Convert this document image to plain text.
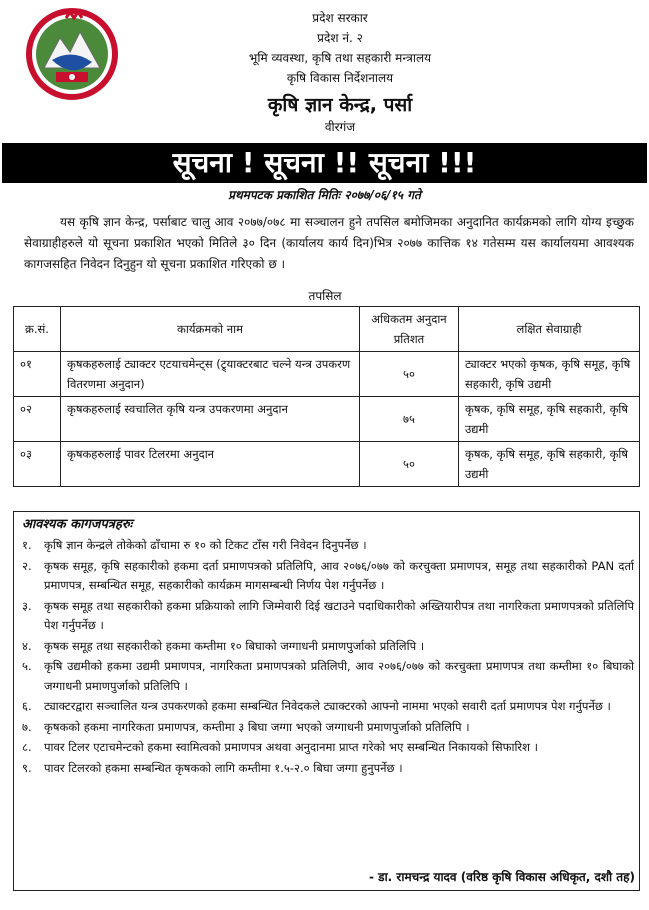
प्रदेश सरकार
प्रदेश नं. २
भूमि व्यवस्था, कृषि तथा सहकारी मन्त्रालय
कृषि विकास निर्देशनालय
कृषि ज्ञान केन्द्र, पर्सा
वीरगंज
सूचना ! सूचना !! सूचना !!!
प्रथमपटक प्रकाशित मितिः २०७७/०६/१५ गते
यस कृषि ज्ञान केन्द्र, पर्साबाट चालु आव २०७७/०७८ मा सञ्चालन हुने तपसिल बमोजिमका अनुदानित कार्यक्रमको लागि योग्य इच्छुक सेवाग्राहीहरुले यो सूचना प्रकाशित भएको मितिले ३० दिन (कार्यालय कार्य दिन)भित्र २०७७ कात्तिक १४ गतेसम्म यस कार्यालयमा आवश्यक कागजसहित निवेदन दिनुहुन यो सूचना प्रकाशित गरिएको छ ।
तपसिल
क्र.सं.	कार्यक्रमको नाम	अधिकतम अनुदान प्रतिशत	लक्षित सेवाग्राही
०१	कृषकहरुलाई ट्याक्टर एटयाचमेन्ट्स (ट्र्याक्टरबाट चल्ने यन्त्र उपकरण वितरणमा अनुदान)	५०	ट्याक्टर भएको कृषक, कृषि समूह, कृषि सहकारी, कृषि उद्यमी
०२	कृषकहरुलाई स्वचालित कृषि यन्त्र उपकरणमा अनुदान	७५	कृषक, कृषि समूह, कृषि सहकारी, कृषि उद्यमी
०३	कृषकहरुलाई पावर टिलरमा अनुदान	५०	कृषक, कृषि समूह, कृषि सहकारी, कृषि उद्यमी
आवश्यक कागजपत्रहरुः
१.	कृषि ज्ञान केन्द्रले तोकेको ढाँचामा रु १० को टिकट टाँस गरी निवेदन दिनुपर्नेछ ।
२.	कृषक समूह, कृषि सहकारीको हकमा दर्ता प्रमाणपत्रको प्रतिलिपि, आव २०७६/०७७ को करचुक्ता प्रमाणपत्र, समूह तथा सहकारीको PAN दर्ता प्रमाणपत्र, सम्बन्धित समूह, सहकारीको कार्यक्रम मागसम्बन्धी निर्णय पेश गर्नुपर्नेछ ।
३.	कृषक समूह तथा सहकारीको हकमा प्रक्रियाको लागि जिम्मेवारी दिई खटाउने पदाधिकारीको अख्तियारीपत्र तथा नागरिकता प्रमाणपत्रको प्रतिलिपि पेश गर्नुपर्नेछ ।
४.	कृषक समूह तथा सहकारीको हकमा कम्तीमा १० बिघाको जग्गाधनी प्रमाणपुर्जाको प्रतिलिपि ।
५.	कृषि उद्यमीको हकमा उद्यमी प्रमाणपत्र, नागरिकता प्रमाणपत्रको प्रतिलिपी, आव २०७६/०७७ को करचुक्ता प्रमाणपत्र तथा कम्तीमा १० बिघाको जग्गाधनी प्रमाणपुर्जाको प्रतिलिपि ।
६.	ट्याक्टरद्वारा सञ्चालित यन्त्र उपकरणको हकमा सम्बन्धित निवेदकले ट्याक्टरको आफ्नो नाममा भएको सवारी दर्ता प्रमाणपत्र पेश गर्नुपर्नेछ ।
७.	कृषकको हकमा नागरिकता प्रमाणपत्र, कम्तीमा ३ बिघा जग्गा भएको जग्गाधनी प्रमाणपुर्जाको प्रतिलिपि ।
८.	पावर टिलर एटाचमेन्टको हकमा स्वामित्वको प्रमाणपत्र अथवा अनुदानमा प्राप्त गरेको भए सम्बन्धित निकायको सिफारिश ।
९.	पावर टिलरको हकमा सम्बन्धित कृषकको लागि कम्तीमा १.५-२.० बिघा जग्गा हुनुपर्नेछ ।
- डा. रामचन्द्र यादव (वरिष्ठ कृषि विकास अधिकृत, दशौ तह)
